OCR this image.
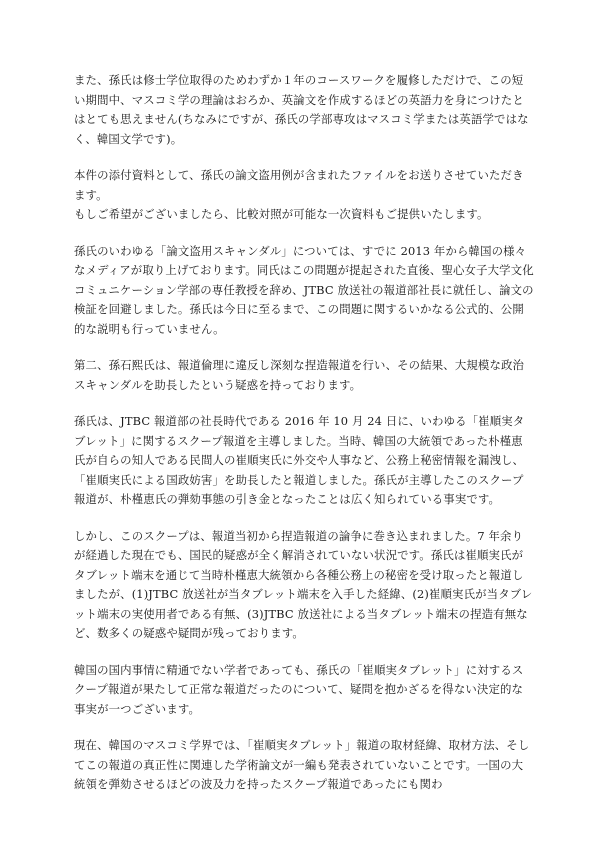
また、孫氏は修士学位取得のためわずか１年のコースワークを履修しただけで、この短い期間中、マスコミ学の理論はおろか、英論文を作成するほどの英語力を身につけたとはとても思えません(ちなみにですが、孫氏の学部専攻はマスコミ学または英語学ではなく、韓国文学です)。

本件の添付資料として、孫氏の論文盗用例が含まれたファイルをお送りさせていただきます。
もしご希望がございましたら、比較対照が可能な一次資料もご提供いたします。

孫氏のいわゆる「論文盗用スキャンダル」については、すでに 2013 年から韓国の様々なメディアが取り上げております。同氏はこの問題が提起された直後、聖心女子大学文化コミュニケーション学部の専任教授を辞め、JTBC 放送社の報道部社長に就任し、論文の検証を回避しました。孫氏は今日に至るまで、この問題に関するいかなる公式的、公開的な説明も行っていません。

第二、孫石熙氏は、報道倫理に違反し深刻な捏造報道を行い、その結果、大規模な政治スキャンダルを助長したという疑惑を持っております。

孫氏は、JTBC 報道部の社長時代である 2016 年 10 月 24 日に、いわゆる「崔順実タブレット」に関するスクープ報道を主導しました。当時、韓国の大統領であった朴槿恵氏が自らの知人である民間人の崔順実氏に外交や人事など、公務上秘密情報を漏洩し、「崔順実氏による国政妨害」を助長したと報道しました。孫氏が主導したこのスクープ報道が、朴槿恵氏の弾劾事態の引き金となったことは広く知られている事実です。

しかし、このスクープは、報道当初から捏造報道の論争に巻き込まれました。7 年余りが経過した現在でも、国民的疑惑が全く解消されていない状況です。孫氏は崔順実氏がタブレット端末を通じて当時朴槿恵大統領から各種公務上の秘密を受け取ったと報道しましたが、(1)JTBC 放送社が当タブレット端末を入手した経緯、(2)崔順実氏が当タブレット端末の実使用者である有無、(3)JTBC 放送社による当タブレット端末の捏造有無など、数多くの疑惑や疑問が残っております。

韓国の国内事情に精通でない学者であっても、孫氏の「崔順実タブレット」に対するスクープ報道が果たして正常な報道だったのについて、疑問を抱かざるを得ない決定的な事実が一つございます。

現在、韓国のマスコミ学界では、「崔順実タブレット」報道の取材経緯、取材方法、そしてこの報道の真正性に関連した学術論文が一編も発表されていないことです。一国の大統領を弾劾させるほどの波及力を持ったスクープ報道であったにも関わ
